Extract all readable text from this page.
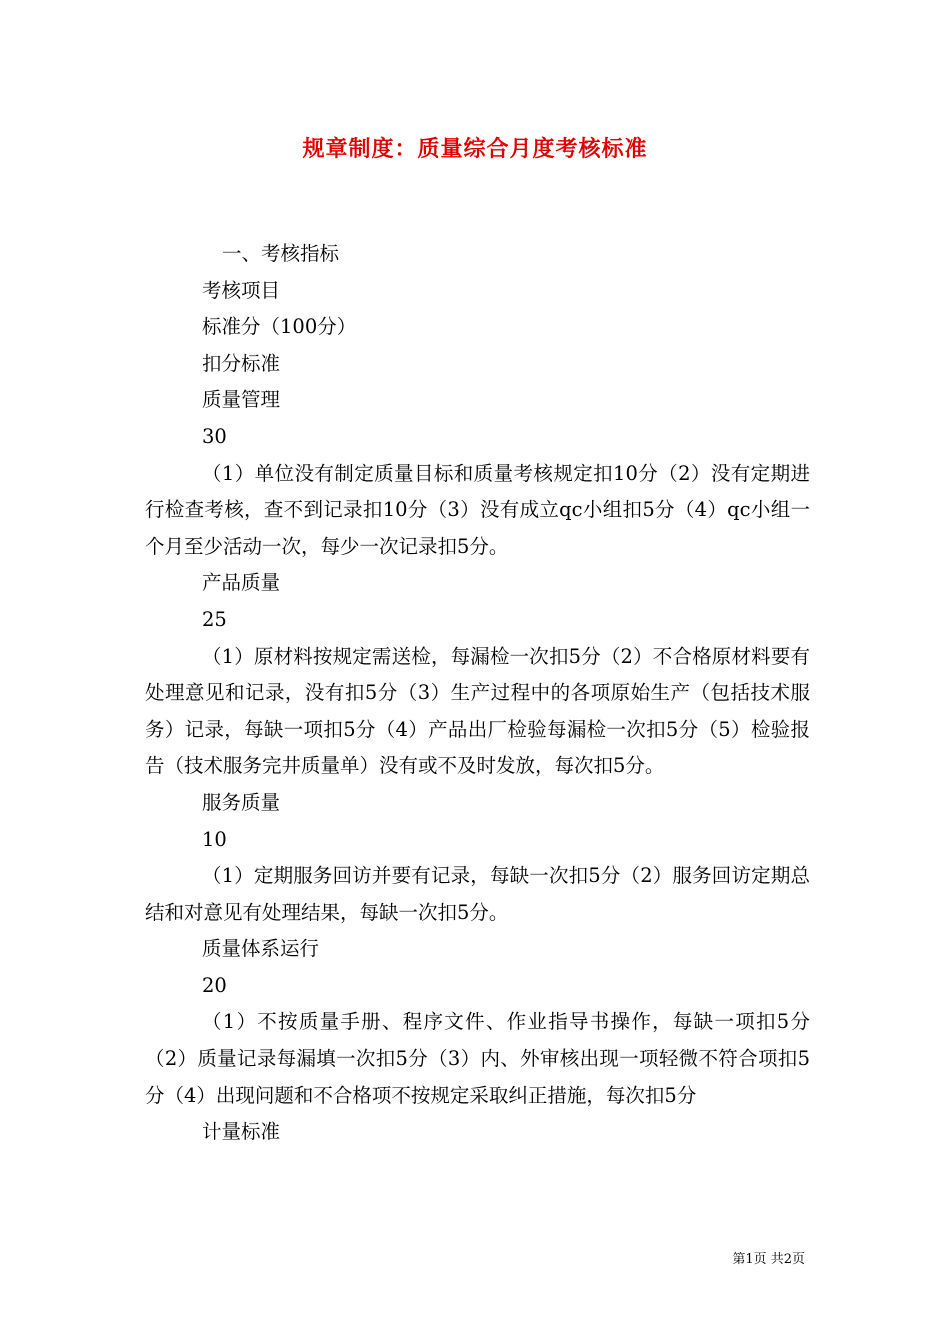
规章制度：质量综合月度考核标准

一、考核指标

考核项目

标准分（100分）

扣分标准

质量管理

30

（1）单位没有制定质量目标和质量考核规定扣10分（2）没有定期进行检查考核，查不到记录扣10分（3）没有成立qc小组扣5分（4）qc小组一个月至少活动一次，每少一次记录扣5分。

产品质量

25

（1）原材料按规定需送检，每漏检一次扣5分（2）不合格原材料要有处理意见和记录，没有扣5分（3）生产过程中的各项原始生产（包括技术服务）记录，每缺一项扣5分（4）产品出厂检验每漏检一次扣5分（5）检验报告（技术服务完井质量单）没有或不及时发放，每次扣5分。

服务质量

10

（1）定期服务回访并要有记录，每缺一次扣5分（2）服务回访定期总结和对意见有处理结果，每缺一次扣5分。

质量体系运行

20

（1）不按质量手册、程序文件、作业指导书操作，每缺一项扣5分（2）质量记录每漏填一次扣5分（3）内、外审核出现一项轻微不符合项扣5分（4）出现问题和不合格项不按规定采取纠正措施，每次扣5分

计量标准

第1页 共2页
